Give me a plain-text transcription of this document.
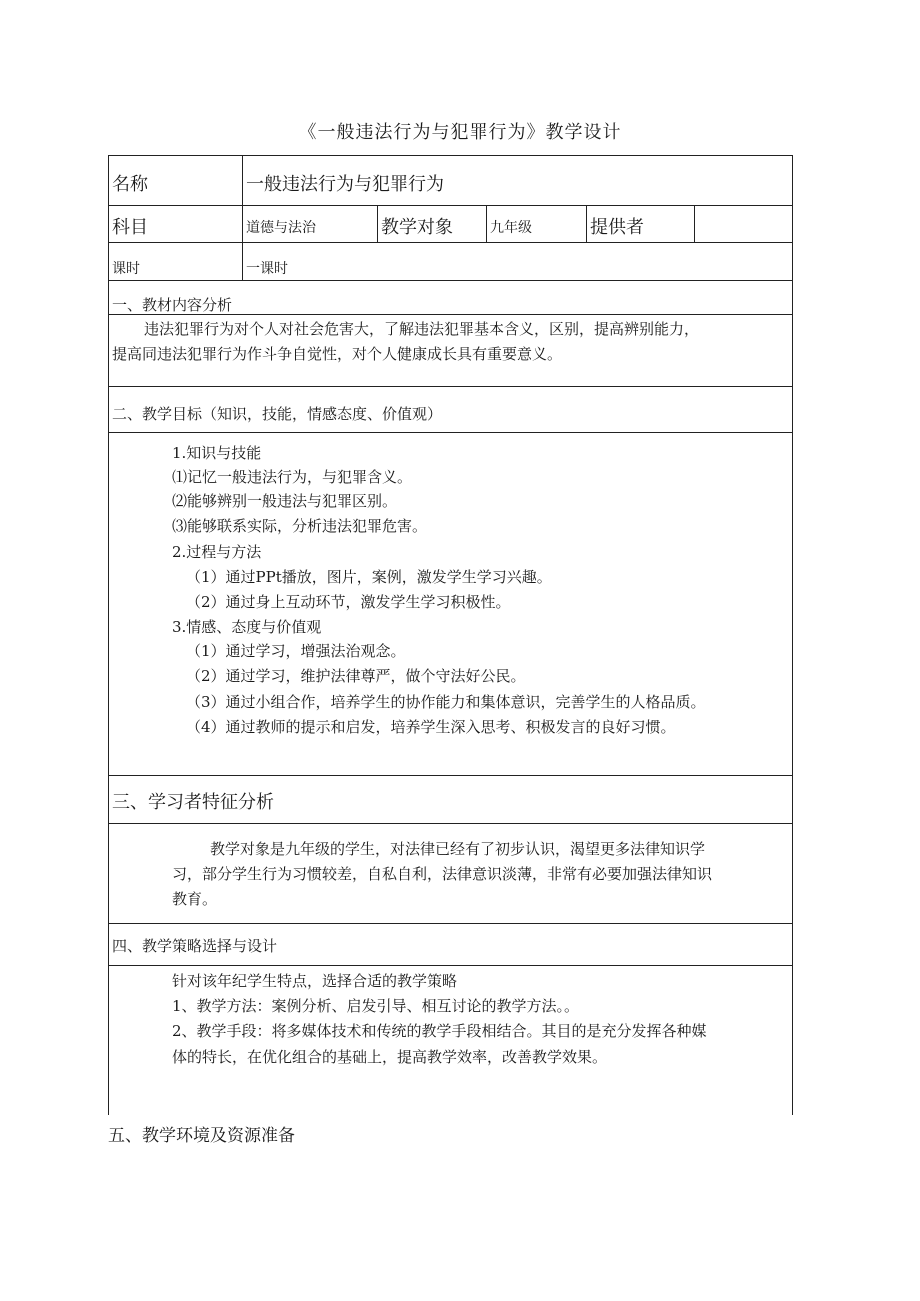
《一般违法行为与犯罪行为》教学设计
名称	一般违法行为与犯罪行为
科目	道德与法治	教学对象	九年级	提供者
课时	一课时
一、教材内容分析
违法犯罪行为对个人对社会危害大，了解违法犯罪基本含义，区别，提高辨别能力，
提高同违法犯罪行为作斗争自觉性，对个人健康成长具有重要意义。
二、教学目标（知识，技能，情感态度、价值观）
1.知识与技能
⑴记忆一般违法行为，与犯罪含义。
⑵能够辨别一般违法与犯罪区别。
⑶能够联系实际，分析违法犯罪危害。
2.过程与方法
（1）通过PPt播放，图片，案例，激发学生学习兴趣。
（2）通过身上互动环节，激发学生学习积极性。
3.情感、态度与价值观
（1）通过学习，增强法治观念。
（2）通过学习，维护法律尊严，做个守法好公民。
（3）通过小组合作，培养学生的协作能力和集体意识，完善学生的人格品质。
（4）通过教师的提示和启发，培养学生深入思考、积极发言的良好习惯。
三、学习者特征分析
教学对象是九年级的学生，对法律已经有了初步认识，渴望更多法律知识学
习，部分学生行为习惯较差，自私自利，法律意识淡薄，非常有必要加强法律知识
教育。
四、教学策略选择与设计
针对该年纪学生特点，选择合适的教学策略
1、教学方法：案例分析、启发引导、相互讨论的教学方法。。
2、教学手段：将多媒体技术和传统的教学手段相结合。其目的是充分发挥各种媒
体的特长，在优化组合的基础上，提高教学效率，改善教学效果。
五、教学环境及资源准备
